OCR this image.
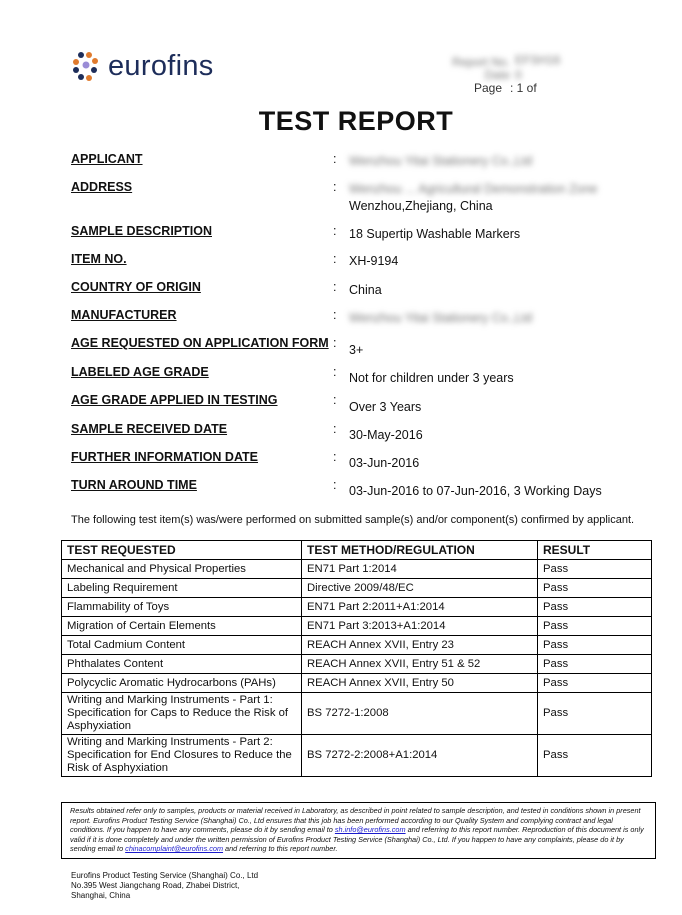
eurofins	Report No. EFSH16
Date 0
Page : 1 of
TEST REPORT
APPLICANT	: Wenzhou Yitai Stationery Co.,Ltd
ADDRESS	: Wenzhou ... Agricultural Demonstration Zone
Wenzhou,Zhejiang, China
SAMPLE DESCRIPTION	: 18 Supertip Washable Markers
ITEM NO.	: XH-9194
COUNTRY OF ORIGIN	: China
MANUFACTURER	: Wenzhou Yitai Stationery Co.,Ltd
AGE REQUESTED ON APPLICATION FORM : 3+
LABELED AGE GRADE	: Not for children under 3 years
AGE GRADE APPLIED IN TESTING	: Over 3 Years
SAMPLE RECEIVED DATE	: 30-May-2016
FURTHER INFORMATION DATE	: 03-Jun-2016
TURN AROUND TIME	: 03-Jun-2016 to 07-Jun-2016, 3 Working Days
The following test item(s) was/were performed on submitted sample(s) and/or component(s) confirmed by applicant.
TEST REQUESTED	TEST METHOD/REGULATION	RESULT
Mechanical and Physical Properties	EN71 Part 1:2014	Pass
Labeling Requirement	Directive 2009/48/EC	Pass
Flammability of Toys	EN71 Part 2:2011+A1:2014	Pass
Migration of Certain Elements	EN71 Part 3:2013+A1:2014	Pass
Total Cadmium Content	REACH Annex XVII, Entry 23	Pass
Phthalates Content	REACH Annex XVII, Entry 51 & 52	Pass
Polycyclic Aromatic Hydrocarbons (PAHs)	REACH Annex XVII, Entry 50	Pass
Writing and Marking Instruments - Part 1: Specification for Caps to Reduce the Risk of Asphyxiation	BS 7272-1:2008	Pass
Writing and Marking Instruments - Part 2: Specification for End Closures to Reduce the Risk of Asphyxiation	BS 7272-2:2008+A1:2014	Pass
Results obtained refer only to samples, products or material received in Laboratory, as described in point related to sample description, and tested in conditions shown in present report. Eurofins Product Testing Service (Shanghai) Co., Ltd ensures that this job has been performed according to our Quality System and complying contract and legal conditions. If you happen to have any comments, please do it by sending email to sh.info@eurofins.com and referring to this report number. Reproduction of this document is only valid if it is done completely and under the written permission of Eurofins Product Testing Service (Shanghai) Co., Ltd. If you happen to have any complaints, please do it by sending email to chinacomplaint@eurofins.com and referring to this report number.
Eurofins Product Testing Service (Shanghai) Co., Ltd
No.395 West Jiangchang Road, Zhabei District,
Shanghai, China
